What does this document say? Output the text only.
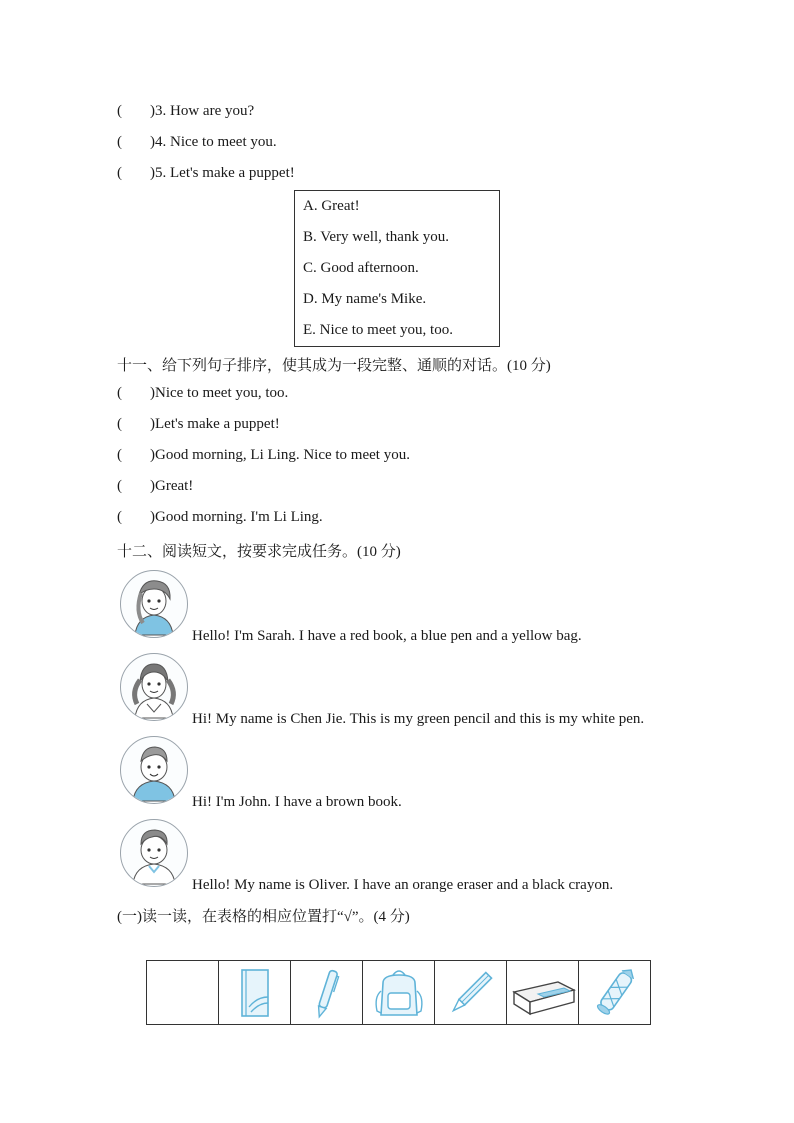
( )3. How are you?
( )4. Nice to meet you.
( )5. Let's make a puppet!
A. Great!
B. Very well, thank you.
C. Good afternoon.
D. My name's Mike.
E. Nice to meet you, too.
十一、给下列句子排序，使其成为一段完整、通顺的对话。(10 分)
( )Nice to meet you, too.
( )Let's make a puppet!
( )Good morning, Li Ling. Nice to meet you.
( )Great!
( )Good morning. I'm Li Ling.
十二、阅读短文，按要求完成任务。(10 分)
Hello! I'm Sarah. I have a red book, a blue pen and a yellow bag.
Hi! My name is Chen Jie. This is my green pencil and this is my white pen.
Hi! I'm John. I have a brown book.
Hello! My name is Oliver. I have an orange eraser and a black crayon.
(一)读一读，在表格的相应位置打“√”。(4 分)
